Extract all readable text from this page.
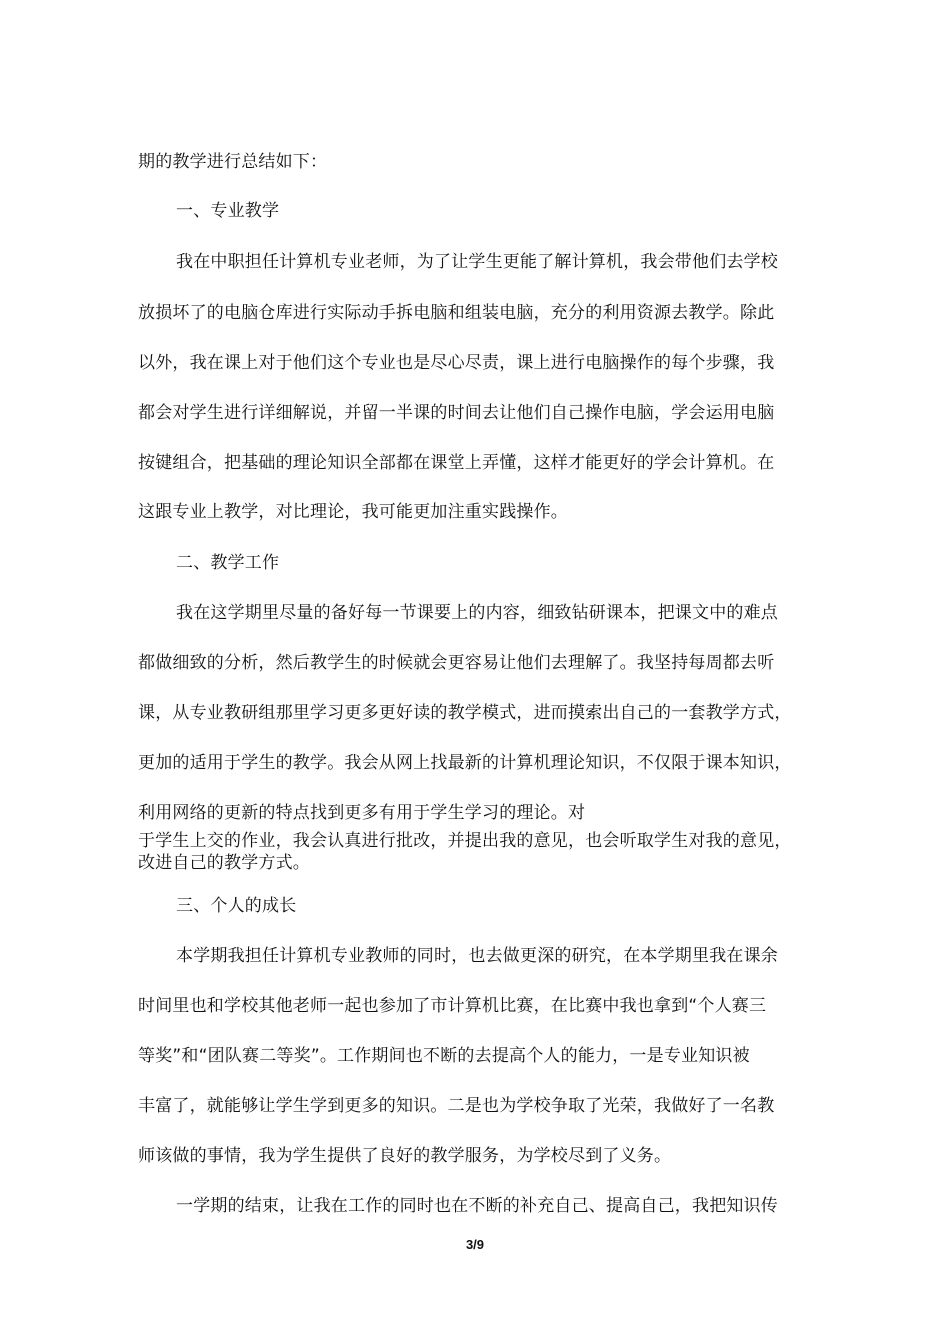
期的教学进行总结如下：

一、专业教学

我在中职担任计算机专业老师，为了让学生更能了解计算机，我会带他们去学校

放损坏了的电脑仓库进行实际动手拆电脑和组装电脑，充分的利用资源去教学。除此

以外，我在课上对于他们这个专业也是尽心尽责，课上进行电脑操作的每个步骤，我

都会对学生进行详细解说，并留一半课的时间去让他们自己操作电脑，学会运用电脑

按键组合，把基础的理论知识全部都在课堂上弄懂，这样才能更好的学会计算机。在

这跟专业上教学，对比理论，我可能更加注重实践操作。

二、教学工作

我在这学期里尽量的备好每一节课要上的内容，细致钻研课本，把课文中的难点

都做细致的分析，然后教学生的时候就会更容易让他们去理解了。我坚持每周都去听

课，从专业教研组那里学习更多更好读的教学模式，进而摸索出自己的一套教学方式，

更加的适用于学生的教学。我会从网上找最新的计算机理论知识，不仅限于课本知识，

利用网络的更新的特点找到更多有用于学生学习的理论。对

于学生上交的作业，我会认真进行批改，并提出我的意见，也会听取学生对我的意见，

改进自己的教学方式。

三、个人的成长

本学期我担任计算机专业教师的同时，也去做更深的研究，在本学期里我在课余

时间里也和学校其他老师一起也参加了市计算机比赛，在比赛中我也拿到“个人赛三

等奖”和“团队赛二等奖”。工作期间也不断的去提高个人的能力，一是专业知识被

丰富了，就能够让学生学到更多的知识。二是也为学校争取了光荣，我做好了一名教

师该做的事情，我为学生提供了良好的教学服务，为学校尽到了义务。

一学期的结束，让我在工作的同时也在不断的补充自己、提高自己，我把知识传

3/9
